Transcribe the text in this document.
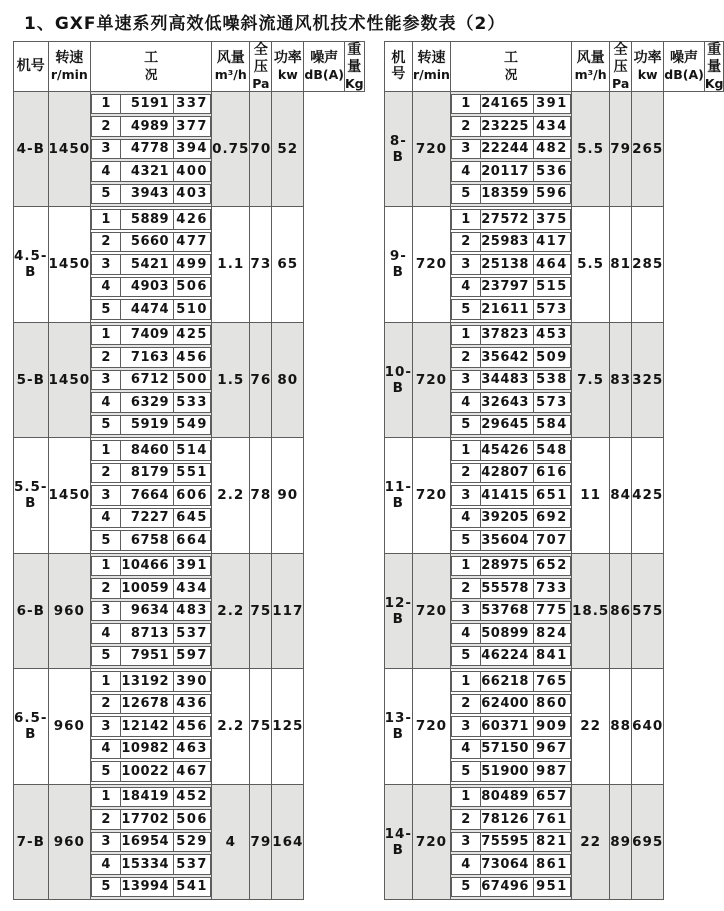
1、GXF单速系列高效低噪斜流通风机技术性能参数表（2）
机号	转速
r/min

工
况

风量
m³/h

全压
Pa

功率
kw

噪声
dB(A)

重量
Kg

4-B	1450	
1	5191	337
2	4989	377
3	4778	394
4	4321	400
5	3943	403
	0.75	70	52
4.5-B	1450	
1	5889	426
2	5660	477
3	5421	499
4	4903	506
5	4474	510
	1.1	73	65
5-B	1450	
1	7409	425
2	7163	456
3	6712	500
4	6329	533
5	5919	549
	1.5	76	80
5.5-B	1450	
1	8460	514
2	8179	551
3	7664	606
4	7227	645
5	6758	664
	2.2	78	90
6-B	960	
1	10466	391
2	10059	434
3	9634	483
4	8713	537
5	7951	597
	2.2	75	117
6.5-B	960	
1	13192	390
2	12678	436
3	12142	456
4	10982	463
5	10022	467
	2.2	75	125
7-B	960	
1	18419	452
2	17702	506
3	16954	529
4	15334	537
5	13994	541
	4	79	164
机号

转速
r/min

工
况

风量
m³/h

全压
Pa

功率
kw

噪声
dB(A)

重量
Kg

8-B	720	
1	24165	391
2	23225	434
3	22244	482
4	20117	536
5	18359	596
	5.5	79	265
9-B	720	
1	27572	375
2	25983	417
3	25138	464
4	23797	515
5	21611	573
	5.5	81	285
10-B	720	
1	37823	453
2	35642	509
3	34483	538
4	32643	573
5	29645	584
	7.5	83	325
11-B	720	
1	45426	548
2	42807	616
3	41415	651
4	39205	692
5	35604	707
	11	84	425
12-B	720	
1	28975	652
2	55578	733
3	53768	775
4	50899	824
5	46224	841
	18.5	86	575
13-B	720	
1	66218	765
2	62400	860
3	60371	909
4	57150	967
5	51900	987
	22	88	640
14-B	720	
1	80489	657
2	78126	761
3	75595	821
4	73064	861
5	67496	951
	22	89	695
